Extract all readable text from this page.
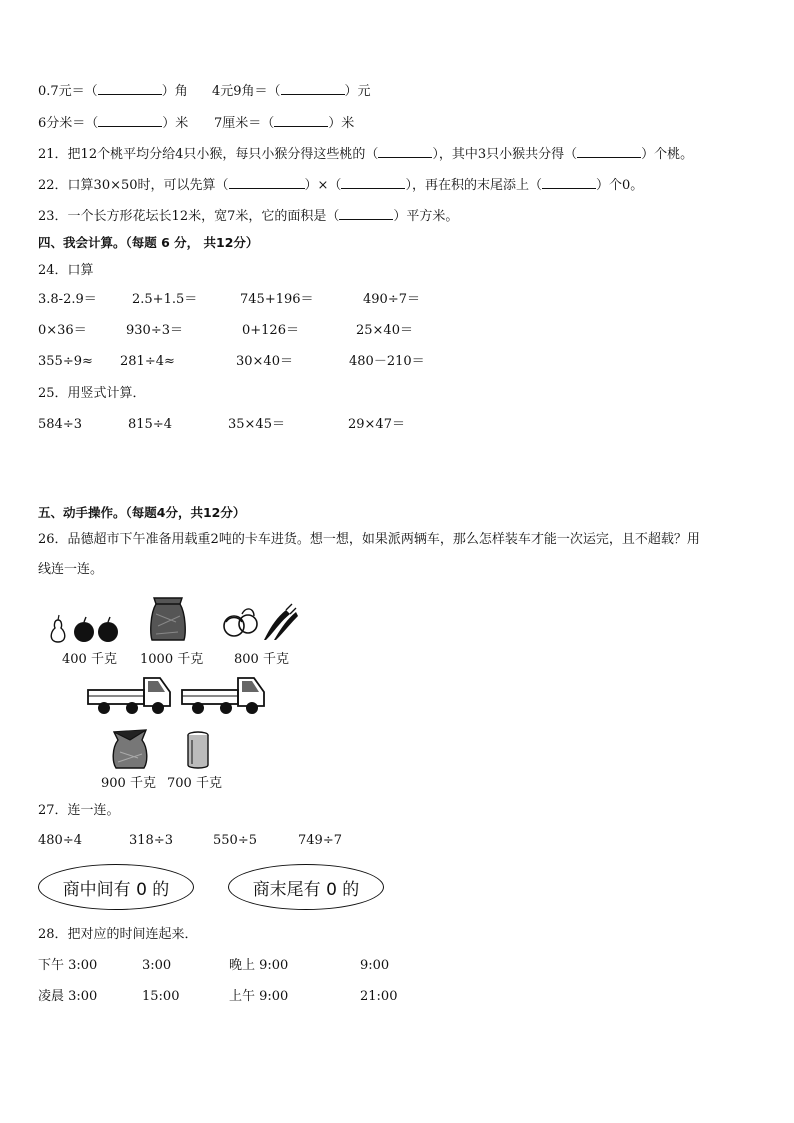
0.7元＝（	）角 4元9角＝（	）元
6分米＝（	）米 7厘米＝（	）米
21．把12个桃平均分给4只小猴，每只小猴分得这些桃的（	），其中3只小猴共分得（	）个桃。
22．口算30×50时，可以先算（	）×（	），再在积的末尾添上（	）个0。
23．一个长方形花坛长12米，宽7米，它的面积是（	）平方米。
四、我会计算。（每题 6 分， 共12分）
24．口算
3.8-2.9＝	2.5+1.5＝	745+196＝	490÷7＝
0×36＝	930÷3＝	0+126＝	25×40＝
355÷9≈ 281÷4≈	30×40＝	480－210＝
25．用竖式计算．
584÷3	815÷4	35×45＝	29×47＝
五、动手操作。（每题4分，共12分）
26．品德超市下午准备用载重2吨的卡车进货。想一想，如果派两辆车，那么怎样装车才能一次运完，且不超载？用
线连一连。
400 千克 1000 千克 800 千克
900 千克 700 千克
27．连一连。
480÷4	318÷3	550÷5	749÷7
商中间有 0 的	商末尾有 0 的
28．把对应的时间连起来．
下午 3:00	3:00	晚上 9:00	9:00
凌晨 3:00	15:00	上午 9:00	21:00
